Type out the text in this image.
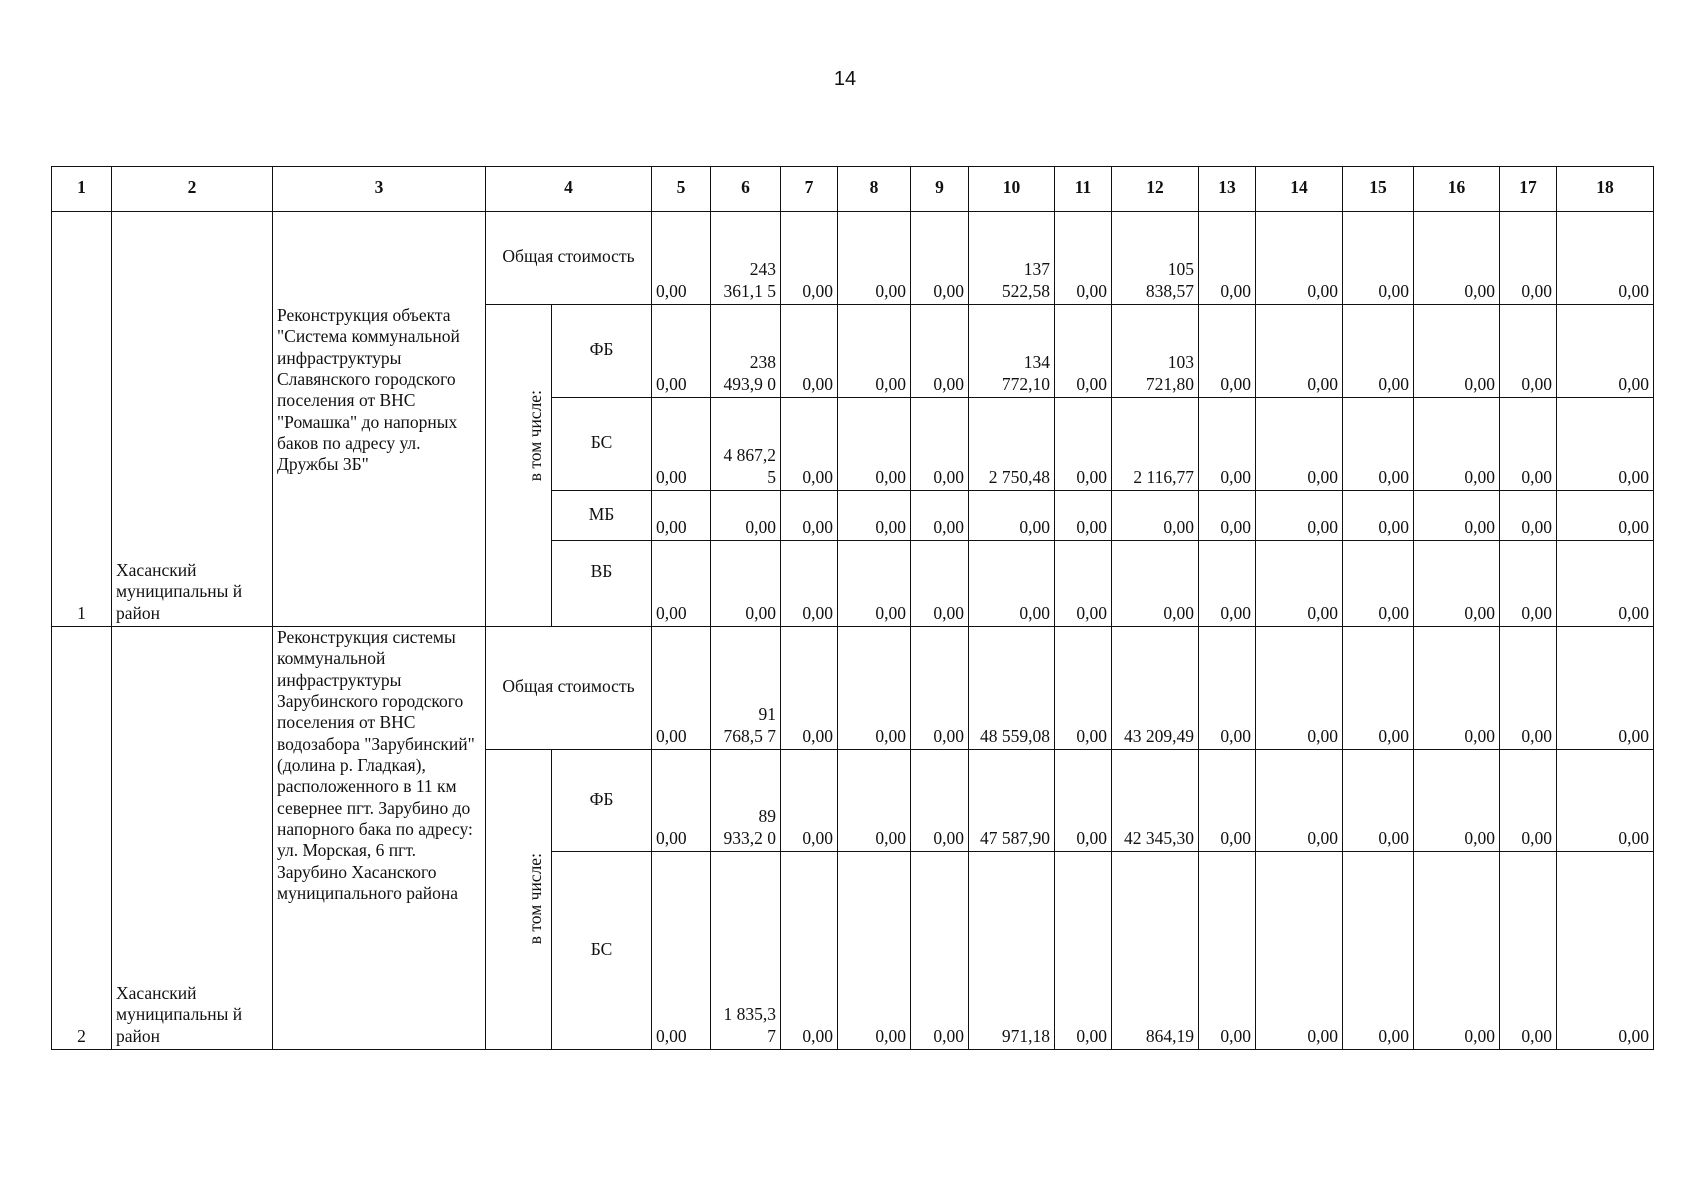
14
1	2	3	4		5	6	7	8	9	10	11	12	13	14	15	16	17	18
1	Хасанский муниципальны й район	Реконструкция объекта "Система коммунальной инфраструктуры Славянского городского поселения от ВНС "Ромашка" до напорных баков по адресу ул. Дружбы 3Б"	Общая стоимость		0,00	243 361,1 5	0,00	0,00	0,00	137 522,58	0,00	105 838,57	0,00	0,00	0,00	0,00	0,00	0,00
			в том числе:	ФБ	0,00	238 493,9 0	0,00	0,00	0,00	134 772,10	0,00	103 721,80	0,00	0,00	0,00	0,00	0,00	0,00
				БС	0,00	4 867,2 5	0,00	0,00	0,00	2 750,48	0,00	2 116,77	0,00	0,00	0,00	0,00	0,00	0,00
				МБ	0,00	0,00	0,00	0,00	0,00	0,00	0,00	0,00	0,00	0,00	0,00	0,00	0,00	0,00
				ВБ	0,00	0,00	0,00	0,00	0,00	0,00	0,00	0,00	0,00	0,00	0,00	0,00	0,00	0,00
2	Хасанский муниципальны й район	Реконструкция системы коммунальной инфраструктуры Зарубинского городского поселения от ВНС водозабора "Зарубинский" (долина р. Гладкая), расположенного в 11 км севернее пгт. Зарубино до напорного бака по адресу: ул. Морская, 6 пгт. Зарубино Хасанского муниципального района	Общая стоимость		0,00	91 768,5 7	0,00	0,00	0,00	48 559,08	0,00	43 209,49	0,00	0,00	0,00	0,00	0,00	0,00
			в том числе:	ФБ	0,00	89 933,2 0	0,00	0,00	0,00	47 587,90	0,00	42 345,30	0,00	0,00	0,00	0,00	0,00	0,00
				БС	0,00	1 835,3 7	0,00	0,00	0,00	971,18	0,00	864,19	0,00	0,00	0,00	0,00	0,00	0,00
